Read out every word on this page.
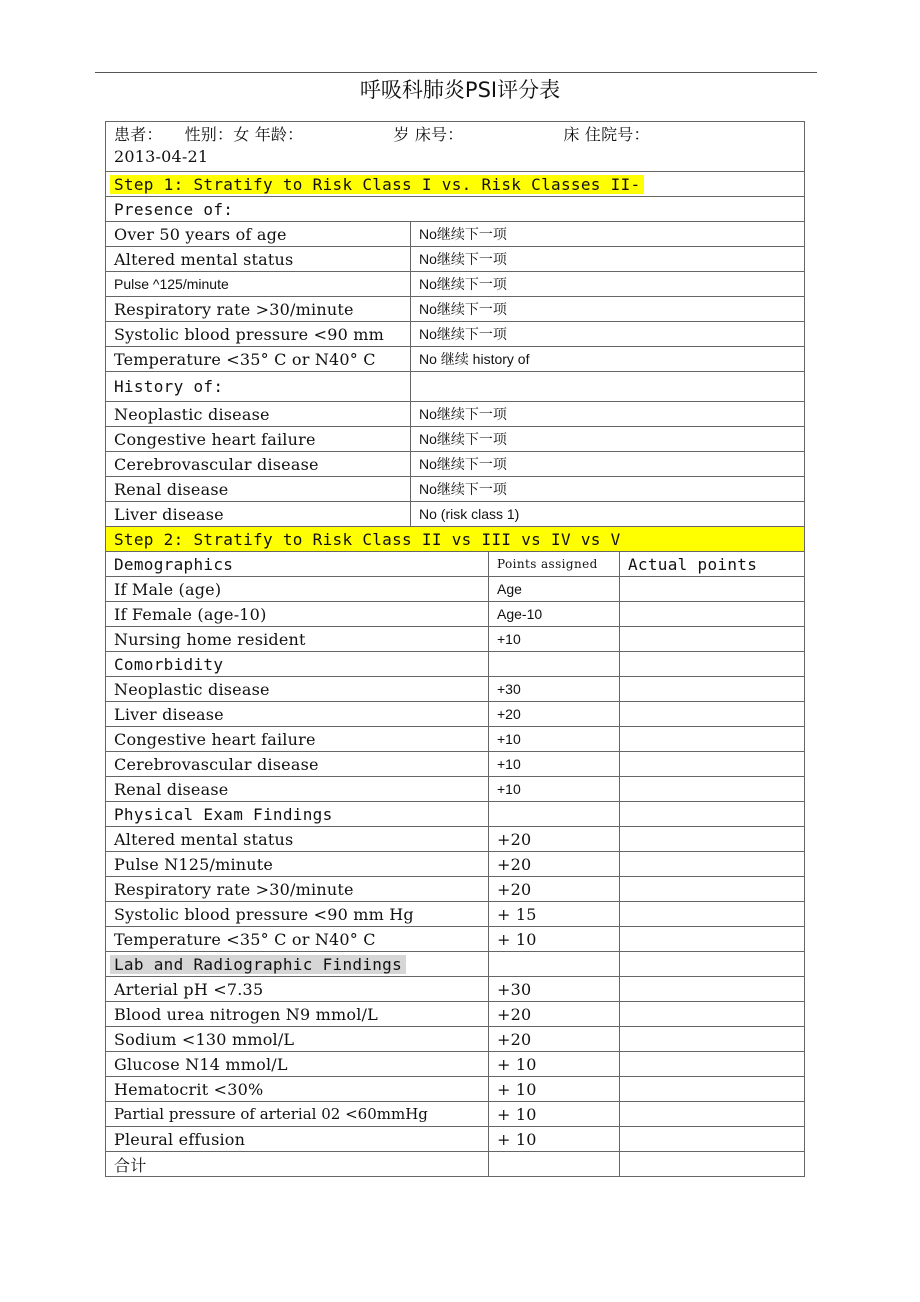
呼吸科肺炎PSI评分表
患者： 性别：女 年龄：	岁 床号：	床 住院号：
2013-04-21
Step 1: Stratify to Risk Class I vs. Risk Classes II-
Presence of:
Over 50 years of age	No继续下一项
Altered mental status	No继续下一项
Pulse ^125/minute	No继续下一项
Respiratory rate >30/minute	No继续下一项
Systolic blood pressure <90 mm	No继续下一项
Temperature <35° C or N40° C	No 继续 history of
History of:
Neoplastic disease	No继续下一项
Congestive heart failure	No继续下一项
Cerebrovascular disease	No继续下一项
Renal disease	No继续下一项
Liver disease	No (risk class 1)
Step 2: Stratify to Risk Class II vs III vs IV vs V
Demographics	Points assigned	Actual points
If Male (age)	Age
If Female (age-10)	Age-10
Nursing home resident	+10
Comorbidity
Neoplastic disease	+30
Liver disease	+20
Congestive heart failure	+10
Cerebrovascular disease	+10
Renal disease	+10
Physical Exam Findings
Altered mental status	+20
Pulse N125/minute	+20
Respiratory rate >30/minute	+20
Systolic blood pressure <90 mm Hg	+ 15
Temperature <35° C or N40° C	+ 10
Lab and Radiographic Findings
Arterial pH <7.35	+30
Blood urea nitrogen N9 mmol/L	+20
Sodium <130 mmol/L	+20
Glucose N14 mmol/L	+ 10
Hematocrit <30%	+ 10
Partial pressure of arterial 02 <60mmHg	+ 10
Pleural effusion	+ 10
合计
